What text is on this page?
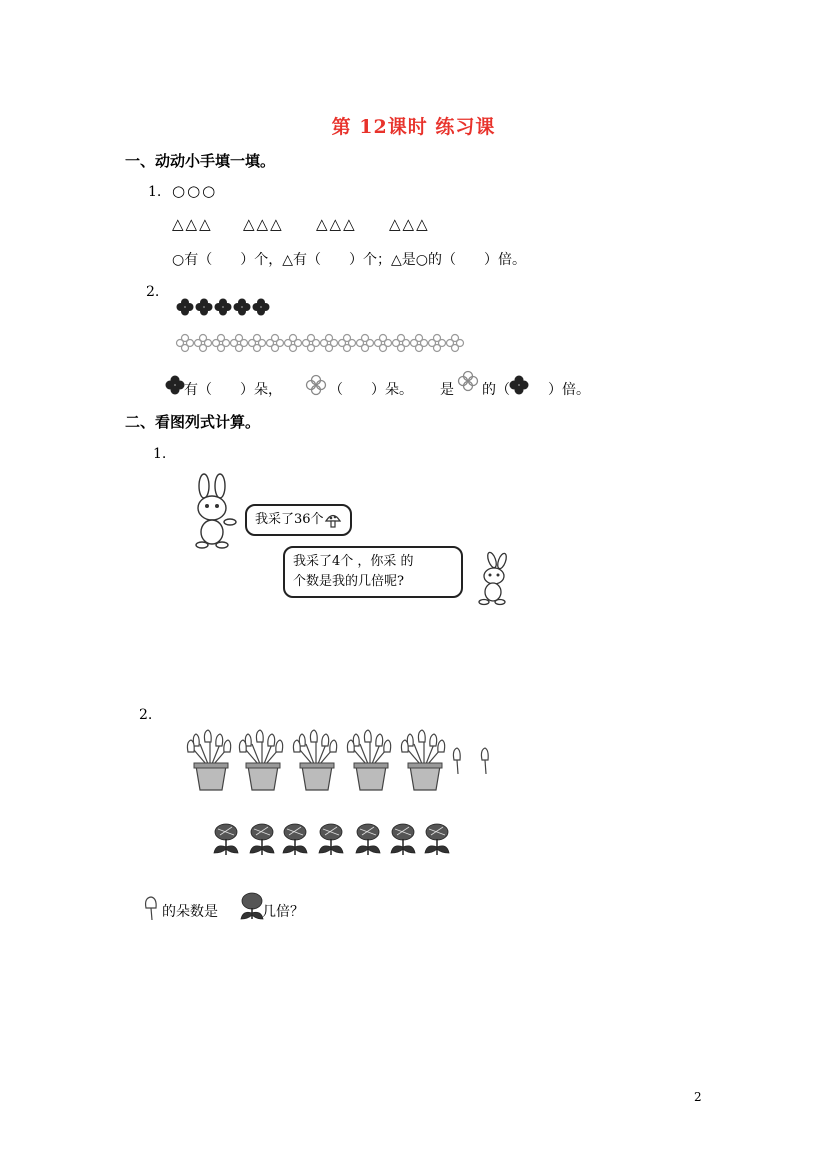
第 12课时 练习课
一、动动小手填一填。
1. ○○○
△△△ △△△ △△△ △△△
○有（　　）个，△有（　　）个；△是○的（　　）倍。
2.
有（　　）朵，	（　　）朵。 是 的（	）倍。
二、看图列式计算。
1.
我采了36个
我采了4个 ，你采 的
个数是我的几倍呢?
2.
的朵数是	几倍？
2
